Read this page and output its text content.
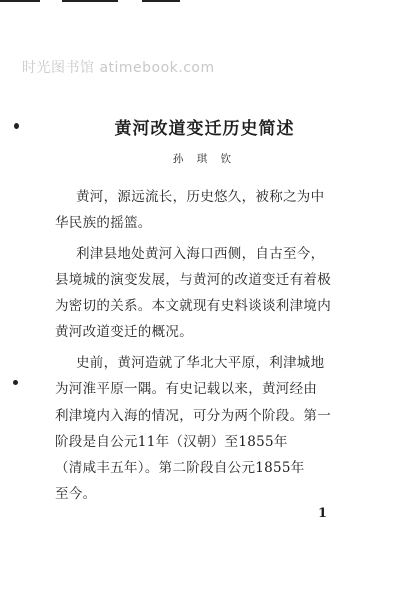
时光图书馆 atimebook.com
黄河改道变迁历史简述
孙 琪 钦
黄河，源远流长，历史悠久，被称之为中
华民族的摇篮。
利津县地处黄河入海口西侧，自古至今，
县境城的演变发展，与黄河的改道变迁有着极
为密切的关系。本文就现有史料谈谈利津境内
黄河改道变迁的概况。
史前，黄河造就了华北大平原，利津城地
为河淮平原一隅。有史记载以来，黄河经由
利津境内入海的情况，可分为两个阶段。第一
阶段是自公元11年（汉朝）至1855年
（清咸丰五年）。第二阶段自公元1855年
至今。
1
